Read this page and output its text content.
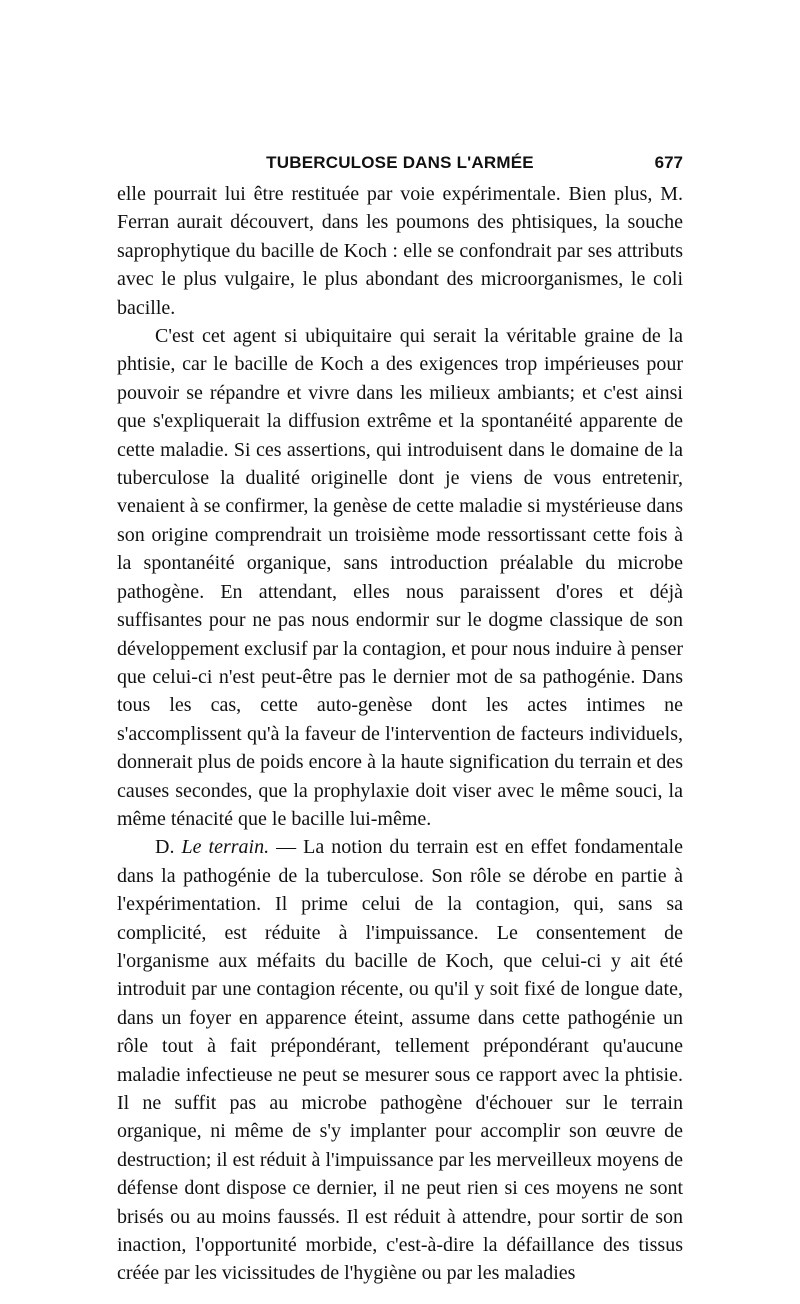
TUBERCULOSE DANS L'ARMÉE	677

elle pourrait lui être restituée par voie expérimentale. Bien plus, M. Ferran aurait découvert, dans les poumons des phtisiques, la souche saprophytique du bacille de Koch : elle se confondrait par ses attributs avec le plus vulgaire, le plus abondant des microorganismes, le coli bacille.

C'est cet agent si ubiquitaire qui serait la véritable graine de la phtisie, car le bacille de Koch a des exigences trop impérieuses pour pouvoir se répandre et vivre dans les milieux ambiants; et c'est ainsi que s'expliquerait la diffusion extrême et la spontanéité apparente de cette maladie. Si ces assertions, qui introduisent dans le domaine de la tuberculose la dualité originelle dont je viens de vous entretenir, venaient à se confirmer, la genèse de cette maladie si mystérieuse dans son origine comprendrait un troisième mode ressortissant cette fois à la spontanéité organique, sans introduction préalable du microbe pathogène. En attendant, elles nous paraissent d'ores et déjà suffisantes pour ne pas nous endormir sur le dogme classique de son développement exclusif par la contagion, et pour nous induire à penser que celui-ci n'est peut-être pas le dernier mot de sa pathogénie. Dans tous les cas, cette auto-genèse dont les actes intimes ne s'accomplissent qu'à la faveur de l'intervention de facteurs individuels, donnerait plus de poids encore à la haute signification du terrain et des causes secondes, que la prophylaxie doit viser avec le même souci, la même ténacité que le bacille lui-même.

D. Le terrain. — La notion du terrain est en effet fondamentale dans la pathogénie de la tuberculose. Son rôle se dérobe en partie à l'expérimentation. Il prime celui de la contagion, qui, sans sa complicité, est réduite à l'impuissance. Le consentement de l'organisme aux méfaits du bacille de Koch, que celui-ci y ait été introduit par une contagion récente, ou qu'il y soit fixé de longue date, dans un foyer en apparence éteint, assume dans cette pathogénie un rôle tout à fait prépondérant, tellement prépondérant qu'aucune maladie infectieuse ne peut se mesurer sous ce rapport avec la phtisie. Il ne suffit pas au microbe pathogène d'échouer sur le terrain organique, ni même de s'y implanter pour accomplir son œuvre de destruction; il est réduit à l'impuissance par les merveilleux moyens de défense dont dispose ce dernier, il ne peut rien si ces moyens ne sont brisés ou au moins faussés. Il est réduit à attendre, pour sortir de son inaction, l'opportunité morbide, c'est-à-dire la défaillance des tissus créée par les vicissitudes de l'hygiène ou par les maladies
